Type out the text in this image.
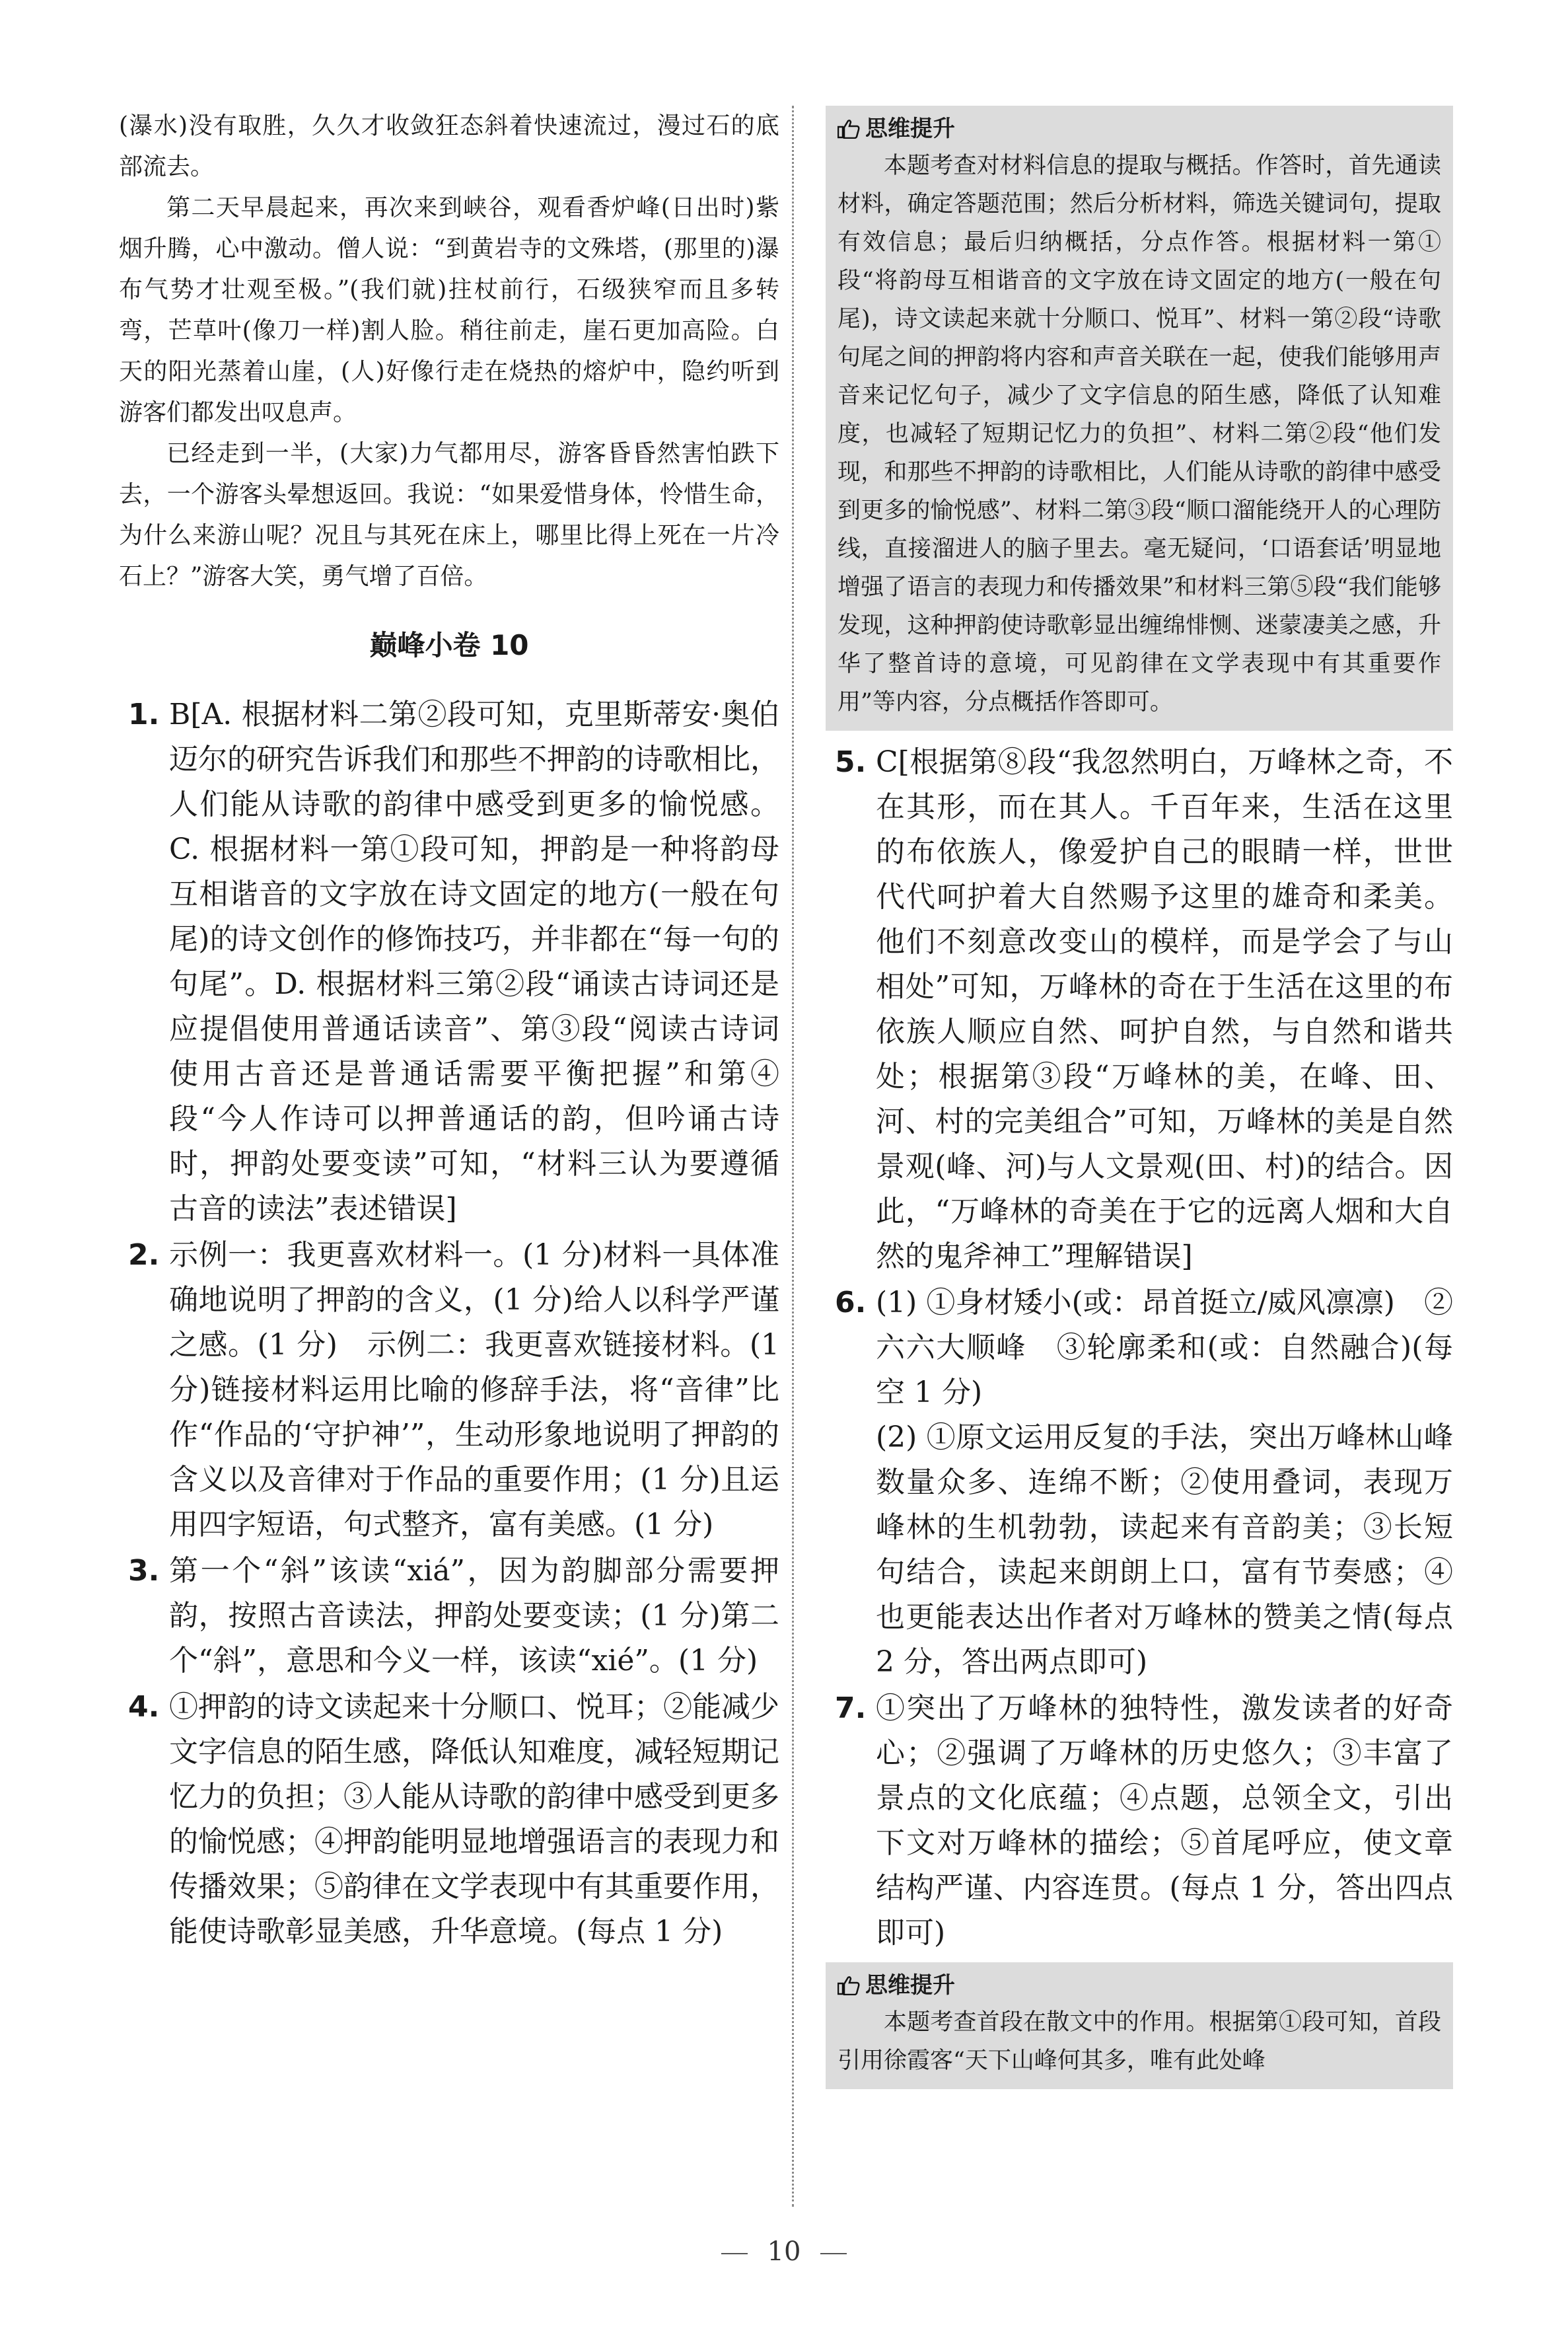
(瀑水)没有取胜，久久才收敛狂态斜着快速流过，漫过石的底部流去。

第二天早晨起来，再次来到峡谷，观看香炉峰(日出时)紫烟升腾，心中激动。僧人说：“到黄岩寺的文殊塔，(那里的)瀑布气势才壮观至极。”(我们就)拄杖前行，石级狭窄而且多转弯，芒草叶(像刀一样)割人脸。稍往前走，崖石更加高险。白天的阳光蒸着山崖，(人)好像行走在烧热的熔炉中，隐约听到游客们都发出叹息声。

已经走到一半，(大家)力气都用尽，游客昏昏然害怕跌下去，一个游客头晕想返回。我说：“如果爱惜身体，怜惜生命，为什么来游山呢？况且与其死在床上，哪里比得上死在一片冷石上？”游客大笑，勇气增了百倍。

巅峰小卷 10
1. B[A. 根据材料二第②段可知，克里斯蒂安·奥伯迈尔的研究告诉我们和那些不押韵的诗歌相比，人们能从诗歌的韵律中感受到更多的愉悦感。C. 根据材料一第①段可知，押韵是一种将韵母互相谐音的文字放在诗文固定的地方(一般在句尾)的诗文创作的修饰技巧，并非都在“每一句的句尾”。D. 根据材料三第②段“诵读古诗词还是应提倡使用普通话读音”、第③段“阅读古诗词使用古音还是普通话需要平衡把握”和第④段“今人作诗可以押普通话的韵，但吟诵古诗时，押韵处要变读”可知，“材料三认为要遵循古音的读法”表述错误]

2. 示例一：我更喜欢材料一。(1 分)材料一具体准确地说明了押韵的含义，(1 分)给人以科学严谨之感。(1 分)　示例二：我更喜欢链接材料。(1 分)链接材料运用比喻的修辞手法，将“音律”比作“作品的‘守护神’”，生动形象地说明了押韵的含义以及音律对于作品的重要作用；(1 分)且运用四字短语，句式整齐，富有美感。(1 分)

3. 第一个“斜”该读“xiá”，因为韵脚部分需要押韵，按照古音读法，押韵处要变读；(1 分)第二个“斜”，意思和今义一样，该读“xié”。(1 分)

4. ①押韵的诗文读起来十分顺口、悦耳；②能减少文字信息的陌生感，降低认知难度，减轻短期记忆力的负担；③人能从诗歌的韵律中感受到更多的愉悦感；④押韵能明显地增强语言的表现力和传播效果；⑤韵律在文学表现中有其重要作用，能使诗歌彰显美感，升华意境。(每点 1 分)

思维提升

本题考查对材料信息的提取与概括。作答时，首先通读材料，确定答题范围；然后分析材料，筛选关键词句，提取有效信息；最后归纳概括，分点作答。根据材料一第①段“将韵母互相谐音的文字放在诗文固定的地方(一般在句尾)，诗文读起来就十分顺口、悦耳”、材料一第②段“诗歌句尾之间的押韵将内容和声音关联在一起，使我们能够用声音来记忆句子，减少了文字信息的陌生感，降低了认知难度，也减轻了短期记忆力的负担”、材料二第②段“他们发现，和那些不押韵的诗歌相比，人们能从诗歌的韵律中感受到更多的愉悦感”、材料二第③段“顺口溜能绕开人的心理防线，直接溜进人的脑子里去。毫无疑问，‘口语套话’明显地增强了语言的表现力和传播效果”和材料三第⑤段“我们能够发现，这种押韵使诗歌彰显出缠绵悱恻、迷蒙凄美之感，升华了整首诗的意境，可见韵律在文学表现中有其重要作用”等内容，分点概括作答即可。

5. C[根据第⑧段“我忽然明白，万峰林之奇，不在其形，而在其人。千百年来，生活在这里的布依族人，像爱护自己的眼睛一样，世世代代呵护着大自然赐予这里的雄奇和柔美。他们不刻意改变山的模样，而是学会了与山相处”可知，万峰林的奇在于生活在这里的布依族人顺应自然、呵护自然，与自然和谐共处；根据第③段“万峰林的美，在峰、田、河、村的完美组合”可知，万峰林的美是自然景观(峰、河)与人文景观(田、村)的结合。因此，“万峰林的奇美在于它的远离人烟和大自然的鬼斧神工”理解错误]

6. (1) ①身材矮小(或：昂首挺立/威风凛凛)　②六六大顺峰　③轮廓柔和(或：自然融合)(每空 1 分)

(2) ①原文运用反复的手法，突出万峰林山峰数量众多、连绵不断；②使用叠词，表现万峰林的生机勃勃，读起来有音韵美；③长短句结合，读起来朗朗上口，富有节奏感；④也更能表达出作者对万峰林的赞美之情(每点 2 分，答出两点即可)

7. ①突出了万峰林的独特性，激发读者的好奇心；②强调了万峰林的历史悠久；③丰富了景点的文化底蕴；④点题，总领全文，引出下文对万峰林的描绘；⑤首尾呼应，使文章结构严谨、内容连贯。(每点 1 分，答出四点即可)

思维提升

本题考查首段在散文中的作用。根据第①段可知，首段引用徐霞客“天下山峰何其多，唯有此处峰

10
